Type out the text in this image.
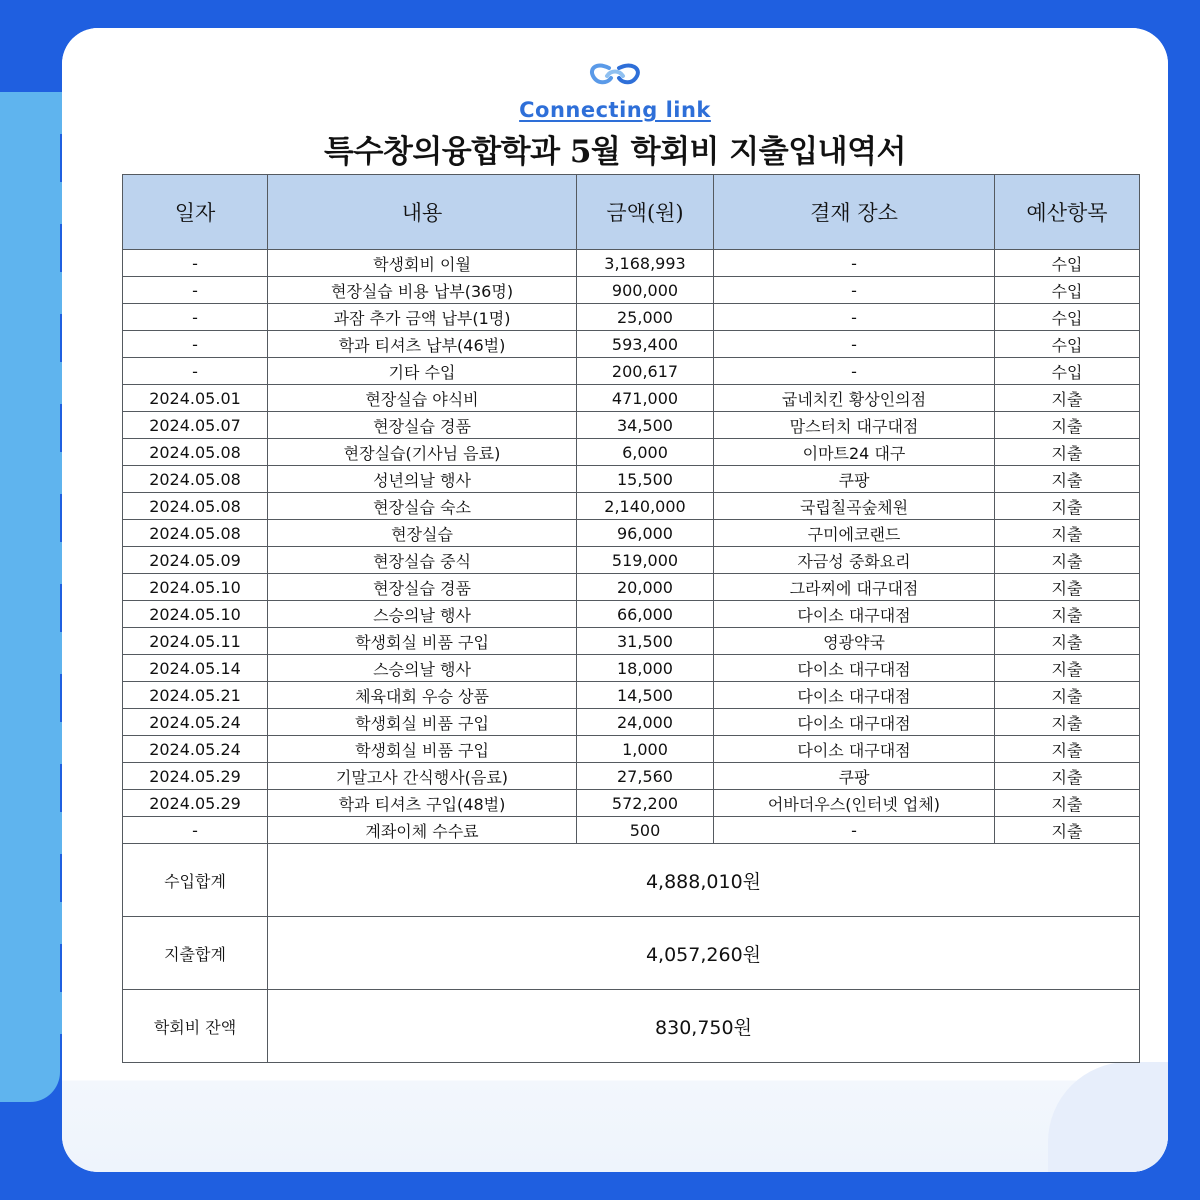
Connecting link
특수창의융합학과 5월 학회비 지출입내역서
일자	내용	금액(원)	결재 장소	예산항목
-	학생회비 이월	3,168,993	-	수입
-	현장실습 비용 납부(36명)	900,000	-	수입
-	과잠 추가 금액 납부(1명)	25,000	-	수입
-	학과 티셔츠 납부(46벌)	593,400	-	수입
-	기타 수입	200,617	-	수입
2024.05.01	현장실습 야식비	471,000	굽네치킨 황상인의점	지출
2024.05.07	현장실습 경품	34,500	맘스터치 대구대점	지출
2024.05.08	현장실습(기사님 음료)	6,000	이마트24 대구	지출
2024.05.08	성년의날 행사	15,500	쿠팡	지출
2024.05.08	현장실습 숙소	2,140,000	국립칠곡숲체원	지출
2024.05.08	현장실습	96,000	구미에코랜드	지출
2024.05.09	현장실습 중식	519,000	자금성 중화요리	지출
2024.05.10	현장실습 경품	20,000	그라찌에 대구대점	지출
2024.05.10	스승의날 행사	66,000	다이소 대구대점	지출
2024.05.11	학생회실 비품 구입	31,500	영광약국	지출
2024.05.14	스승의날 행사	18,000	다이소 대구대점	지출
2024.05.21	체육대회 우승 상품	14,500	다이소 대구대점	지출
2024.05.24	학생회실 비품 구입	24,000	다이소 대구대점	지출
2024.05.24	학생회실 비품 구입	1,000	다이소 대구대점	지출
2024.05.29	기말고사 간식행사(음료)	27,560	쿠팡	지출
2024.05.29	학과 티셔츠 구입(48벌)	572,200	어바더우스(인터넷 업체)	지출
-	계좌이체 수수료	500	-	지출
수입합계	4,888,010원			
지출합계	4,057,260원			
학회비 잔액	830,750원			
